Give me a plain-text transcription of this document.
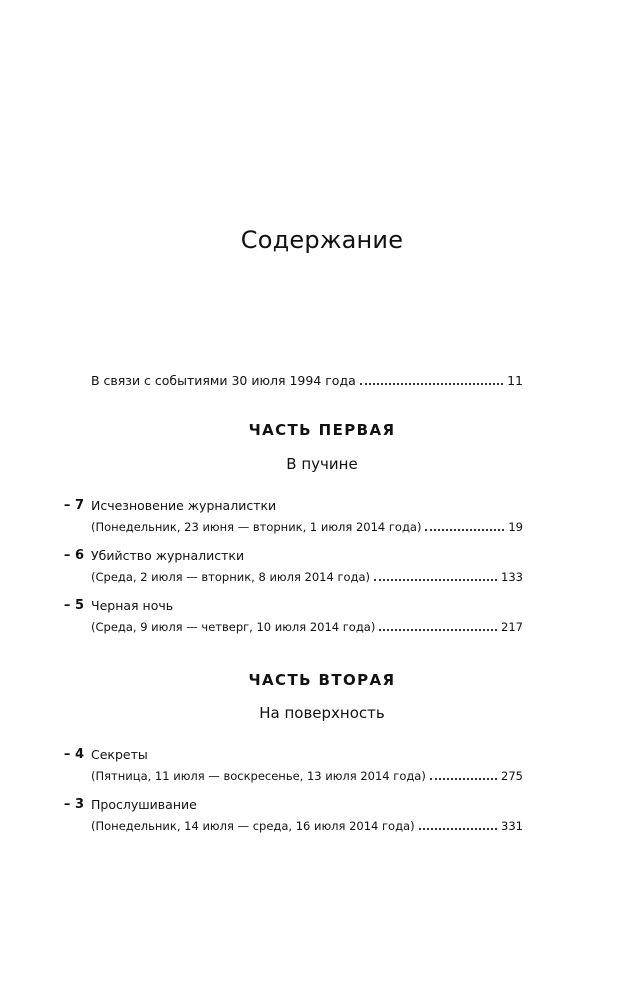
Содержание
В связи с событиями 30 июля 1994 года	11
ЧАСТЬ ПЕРВАЯ
В пучине
– 7 Исчезновение журналистки
(Понедельник, 23 июня — вторник, 1 июля 2014 года)	19
– 6 Убийство журналистки
(Среда, 2 июля — вторник, 8 июля 2014 года)	133
– 5 Черная ночь
(Среда, 9 июля — четверг, 10 июля 2014 года)	217
ЧАСТЬ ВТОРАЯ
На поверхность
– 4 Секреты
(Пятница, 11 июля — воскресенье, 13 июля 2014 года)	275
– 3 Прослушивание
(Понедельник, 14 июля — среда, 16 июля 2014 года)	331
